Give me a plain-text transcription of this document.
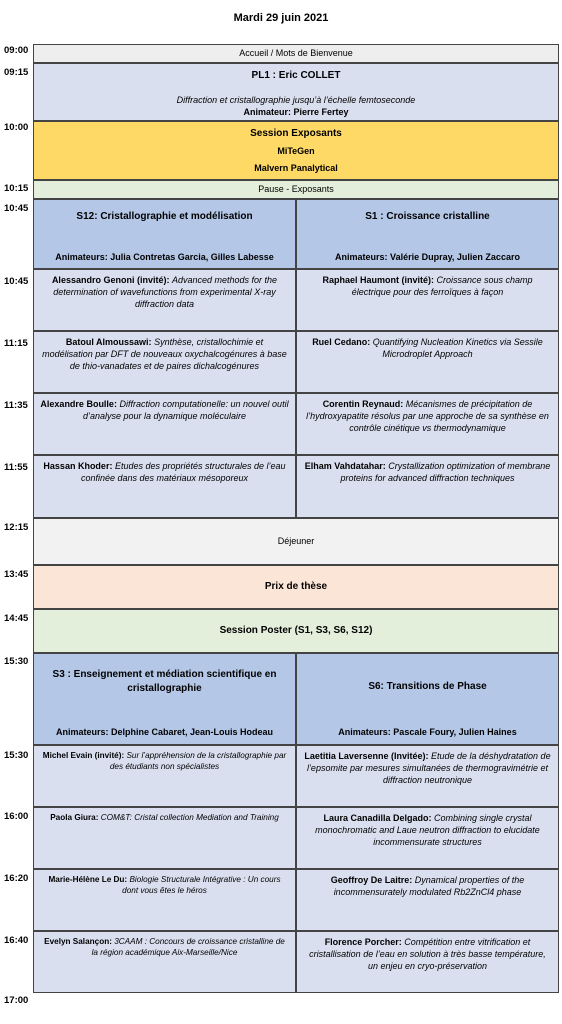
Mardi 29 juin 2021
09:00
09:15
10:00
10:15
10:45
10:45
11:15
11:35
11:55
12:15
13:45
14:45
15:30
15:30
16:00
16:20
16:40
17:00
Accueil / Mots de Bienvenue
PL1 : Eric COLLET
Diffraction et cristallographie jusqu’à l’échelle femtoseconde
Animateur: Pierre Fertey
Session Exposants
MiTeGen
Malvern Panalytical
Pause - Exposants
S12: Cristallographie et modélisation
Animateurs: Julia Contretas Garcia, Gilles Labesse
S1 : Croissance cristalline
Animateurs: Valérie Dupray, Julien Zaccaro
Alessandro Genoni (invité): Advanced methods for the determination of wavefunctions from experimental X-ray diffraction data
Batoul Almoussawi: Synthèse, cristallochimie et modélisation par DFT de nouveaux oxychalcogénures à base de thio-vanadates et de paires dichalcogénures
Alexandre Boulle: Diffraction computationelle: un nouvel outil d’analyse pour la dynamique moléculaire
Hassan Khoder: Etudes des propriétés structurales de l’eau confinée dans des matériaux mésoporeux
Raphael Haumont (invité): Croissance sous champ électrique pour des ferroïques à façon
Ruel Cedano: Quantifying Nucleation Kinetics via Sessile Microdroplet Approach
Corentin Reynaud: Mécanismes de précipitation de l’hydroxyapatite résolus par une approche de sa synthèse en contrôle cinétique vs thermodynamique
Elham Vahdatahar: Crystallization optimization of membrane proteins for advanced diffraction techniques
Déjeuner
Prix de thèse
Session Poster (S1, S3, S6, S12)
S3 : Enseignement et médiation scientifique en cristallographie
Animateurs: Delphine Cabaret, Jean-Louis Hodeau
S6: Transitions de Phase
Animateurs: Pascale Foury, Julien Haines
Michel Evain (invité): Sur l’appréhension de la cristallographie par des étudiants non spécialistes
Paola Giura: COM&T: Cristal collection Mediation and Training
Marie-Hélène Le Du: Biologie Structurale Intégrative : Un cours dont vous êtes le héros
Evelyn Salançon: 3CAAM : Concours de croissance cristalline de la région académique Aix-Marseille/Nice
Laetitia Laversenne (Invitée): Etude de la déshydratation de l’epsomite par mesures simultanées de thermogravimétrie et diffraction neutronique
Laura Canadilla Delgado: Combining single crystal monochromatic and Laue neutron diffraction to elucidate incommensurate structures
Geoffroy De Laitre: Dynamical properties of the incommensurately modulated Rb2ZnCl4 phase
Florence Porcher: Compétition entre vitrification et cristallisation de l’eau en solution à très basse température, un enjeu en cryo-préservation
